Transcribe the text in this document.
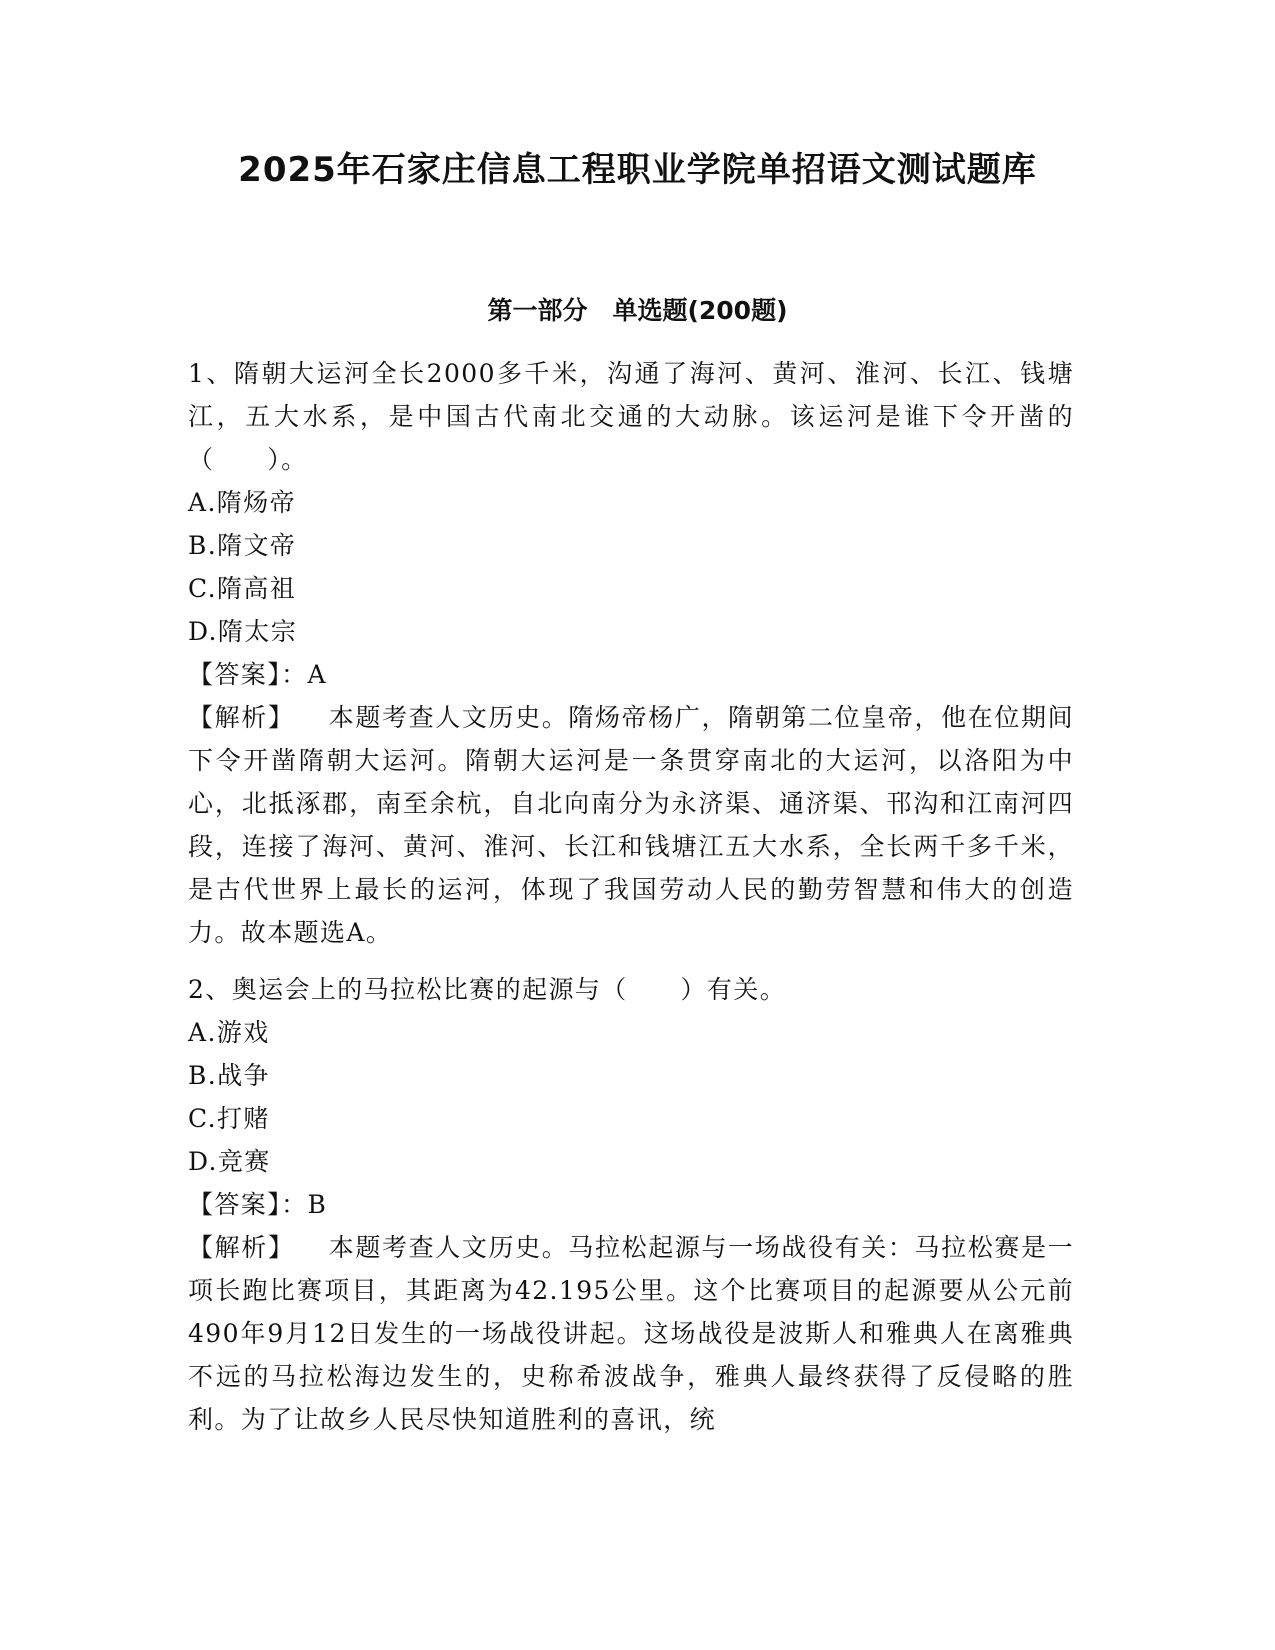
2025年石家庄信息工程职业学院单招语文测试题库
第一部分　单选题(200题)

1、隋朝大运河全长2000多千米，沟通了海河、黄河、淮河、长江、钱塘江，五大水系，是中国古代南北交通的大动脉。该运河是谁下令开凿的（　　）。

A.隋炀帝

B.隋文帝

C.隋高祖

D.隋太宗

【答案】：A

【解析】 本题考查人文历史。隋炀帝杨广，隋朝第二位皇帝，他在位期间下令开凿隋朝大运河。隋朝大运河是一条贯穿南北的大运河，以洛阳为中心，北抵涿郡，南至余杭，自北向南分为永济渠、通济渠、邗沟和江南河四段，连接了海河、黄河、淮河、长江和钱塘江五大水系，全长两千多千米，是古代世界上最长的运河，体现了我国劳动人民的勤劳智慧和伟大的创造力。故本题选A。

2、奥运会上的马拉松比赛的起源与（　　）有关。

A.游戏

B.战争

C.打赌

D.竞赛

【答案】：B

【解析】 本题考查人文历史。马拉松起源与一场战役有关：马拉松赛是一项长跑比赛项目，其距离为42.195公里。这个比赛项目的起源要从公元前490年9月12日发生的一场战役讲起。这场战役是波斯人和雅典人在离雅典不远的马拉松海边发生的，史称希波战争，雅典人最终获得了反侵略的胜利。为了让故乡人民尽快知道胜利的喜讯，统
